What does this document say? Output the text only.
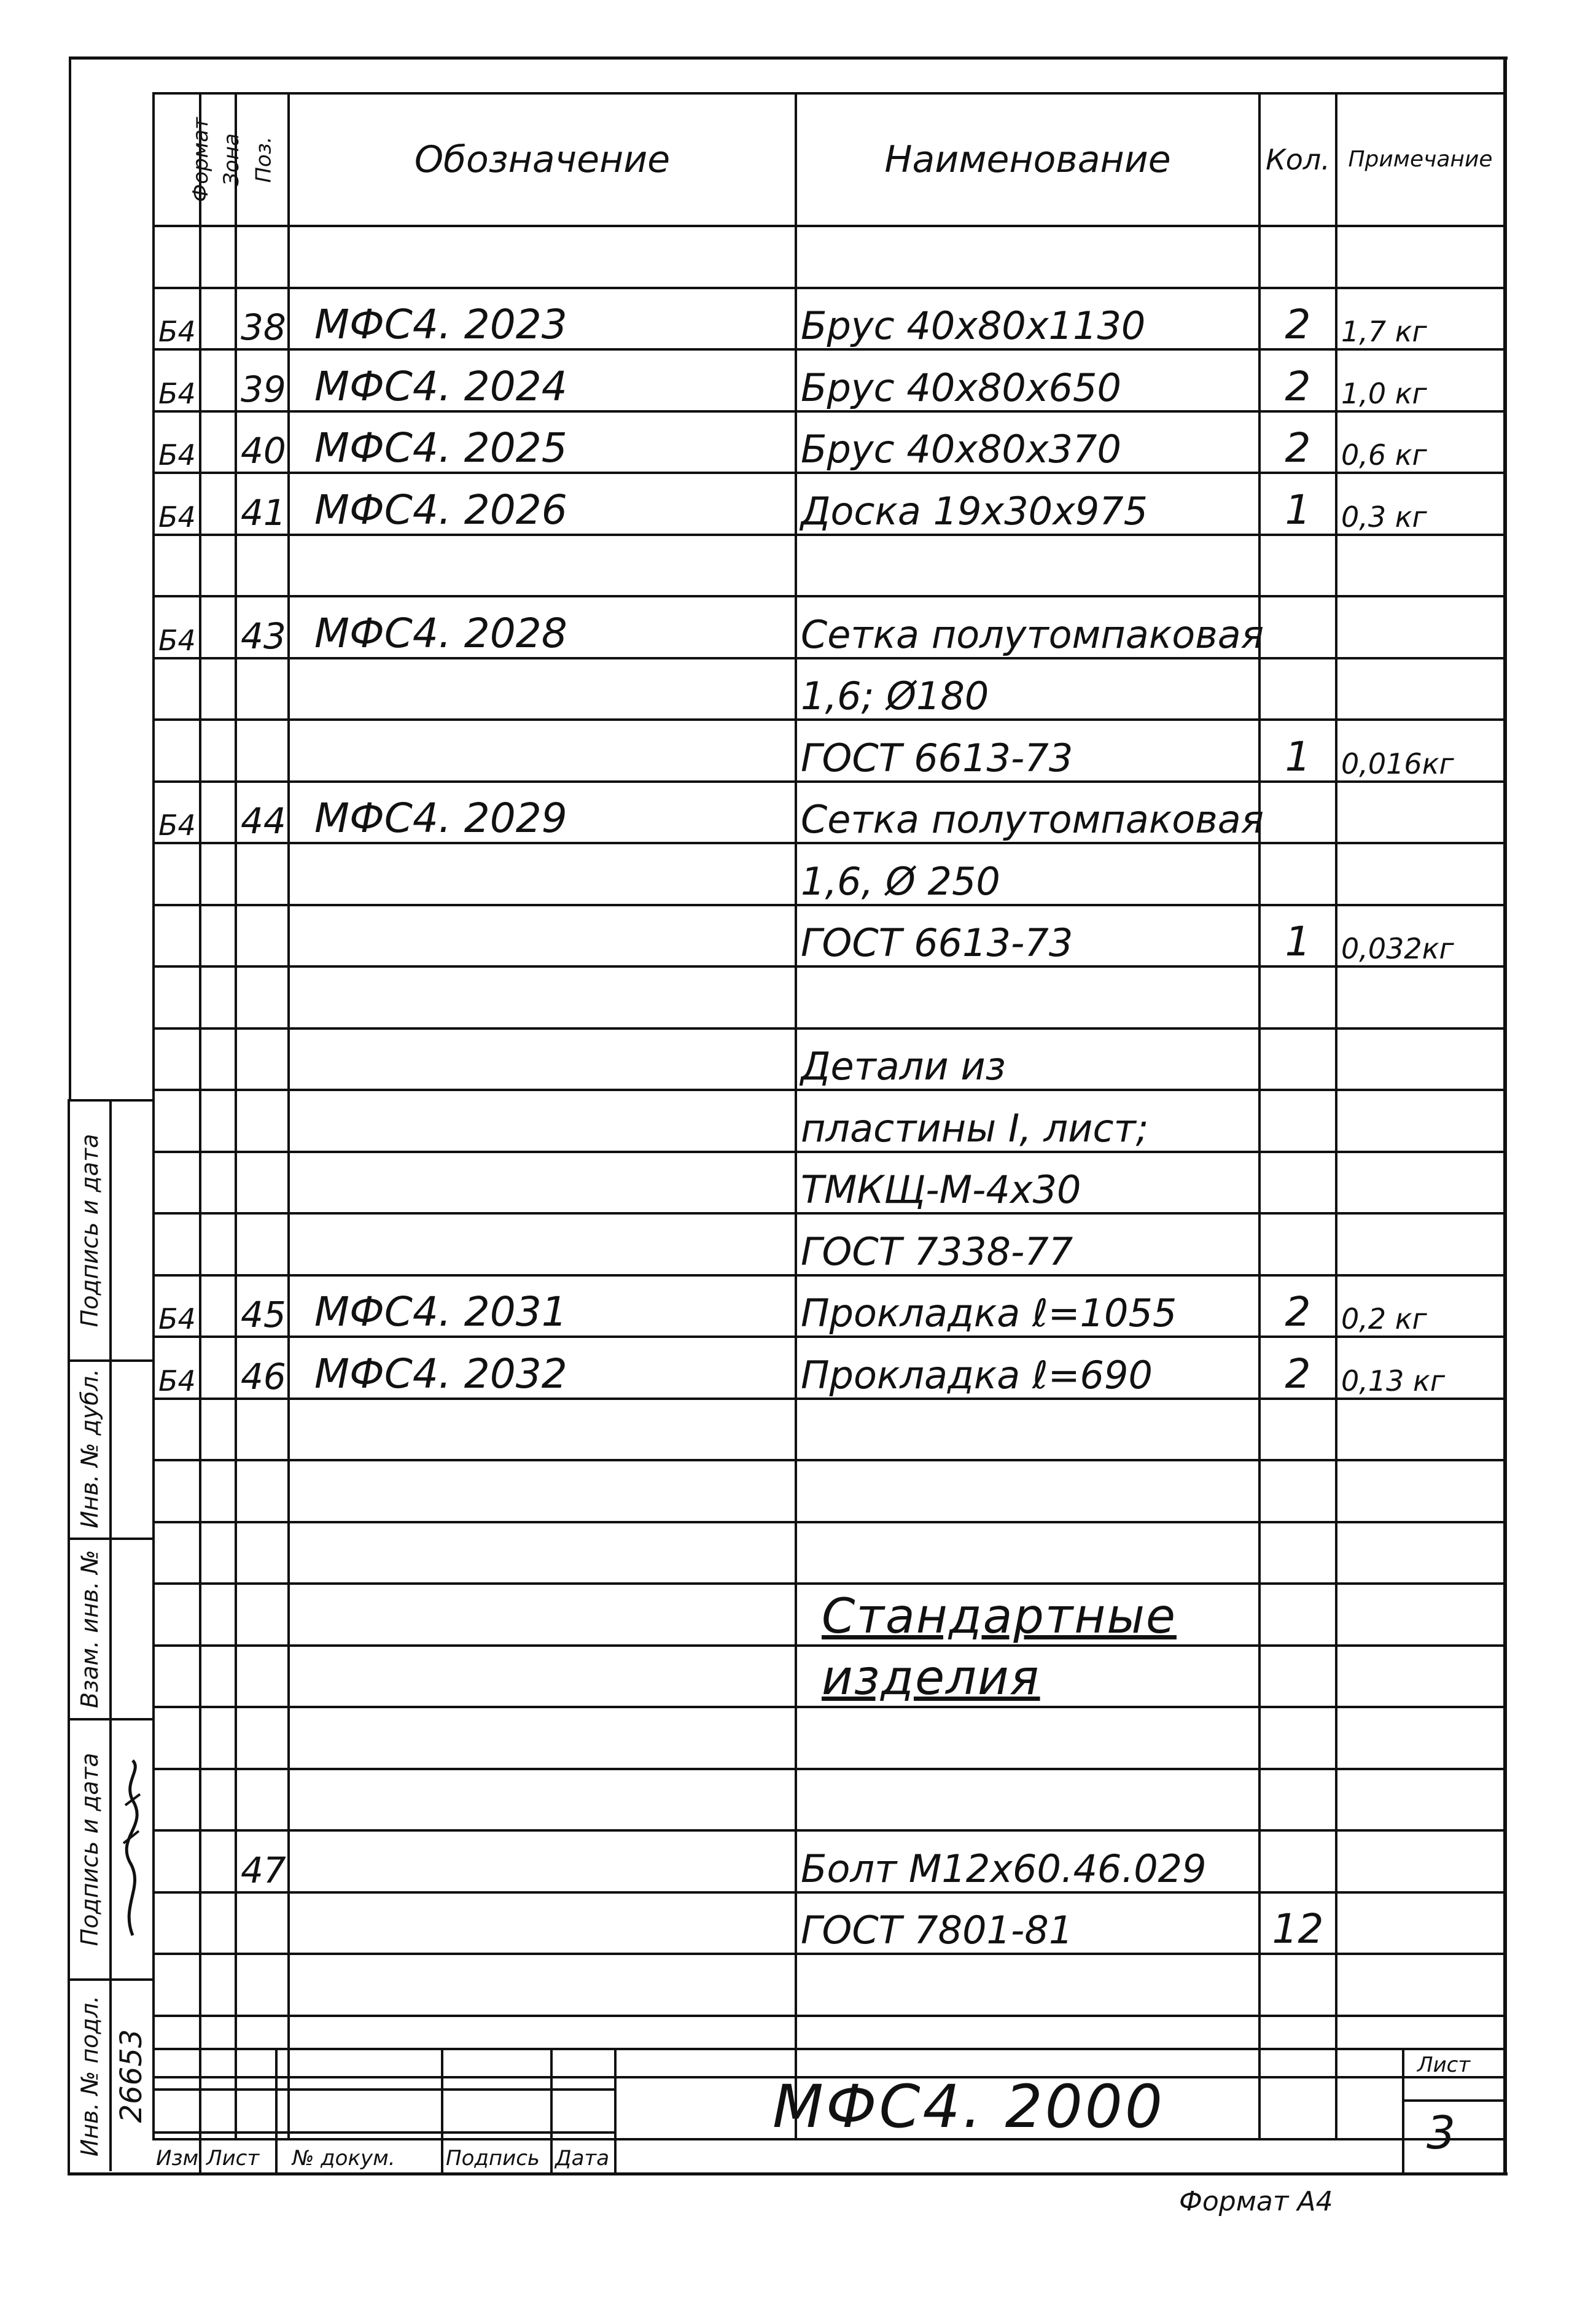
Формат	Зона	Поз.	Обозначение	Наименование	Кол.	Примечание

Б4		38	МФС4. 2023	Брус 40х80х1130	2	1,7 кг
Б4		39	МФС4. 2024	Брус 40х80х650	2	1,0 кг
Б4		40	МФС4. 2025	Брус 40х80х370	2	0,6 кг
Б4		41	МФС4. 2026	Доска 19х30х975	1	0,3 кг

Б4		43	МФС4. 2028	Сетка полутомпаковая		
				1,6; Ø180		
				ГОСТ 6613-73	1	0,016кг
Б4		44	МФС4. 2029	Сетка полутомпаковая		
				1,6, Ø 250		
				ГОСТ 6613-73	1	0,032кг

				Детали из		
				пластины I, лист;		
				ТМКЩ-М-4х30		
				ГОСТ 7338-77		
Б4		45	МФС4. 2031	Прокладка ℓ=1055	2	0,2 кг
Б4		46	МФС4. 2032	Прокладка ℓ=690	2	0,13 кг

				Стандартные		
				изделия		

		47		Болт М12х60.46.029		
				ГОСТ 7801-81	12	

Подпись и дата
Инв. № дубл.
Взам. инв. №
Подпись и дата
Инв. № подл. 26653
Изм Лист № докум. Подпись Дата
МФС4. 2000
Лист
3
Формат А4
